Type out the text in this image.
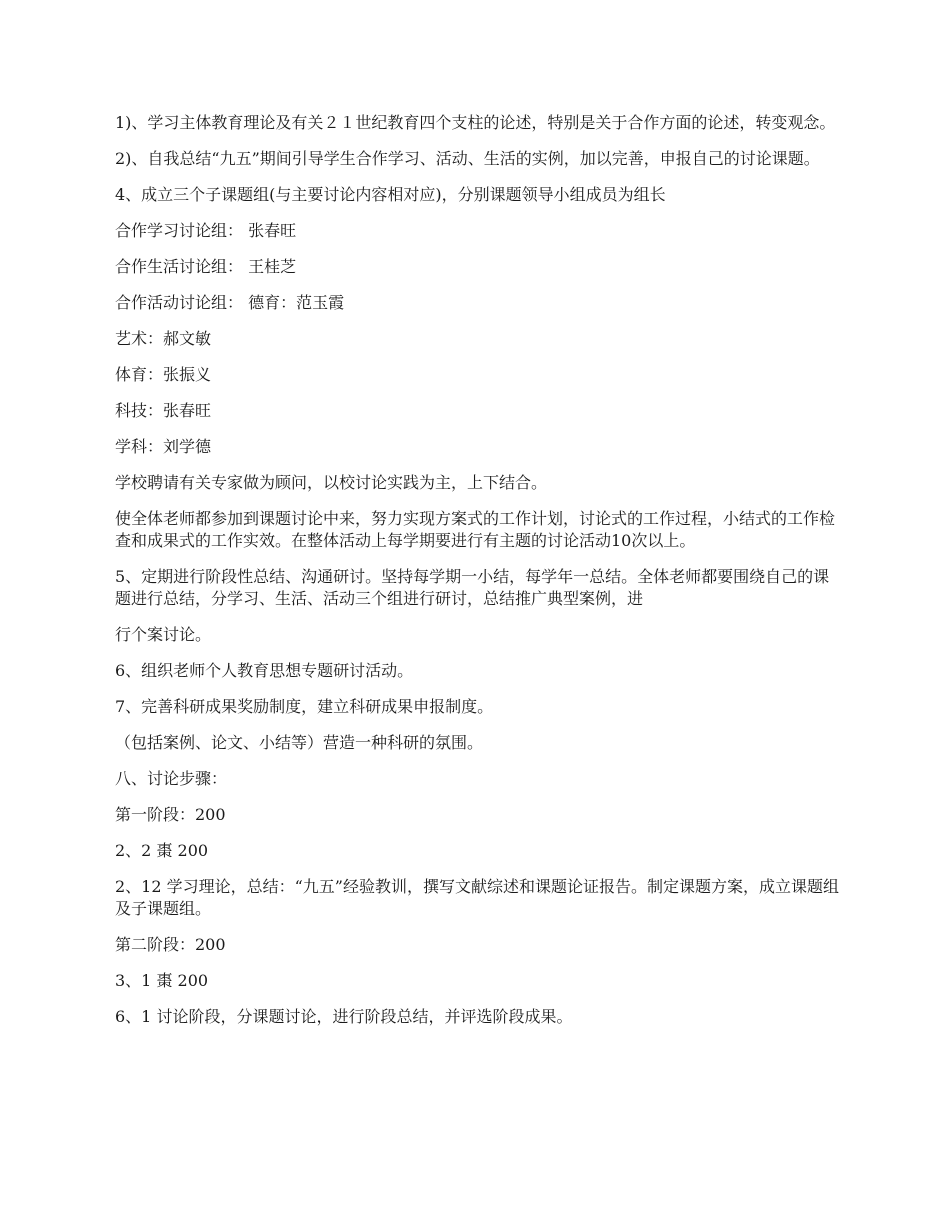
1)、学习主体教育理论及有关２１世纪教育四个支柱的论述，特别是关于合作方面的论述，转变观念。

2)、自我总结“九五”期间引导学生合作学习、活动、生活的实例，加以完善，申报自己的讨论课题。

4、成立三个子课题组(与主要讨论内容相对应)，分别课题领导小组成员为组长

合作学习讨论组： 张春旺

合作生活讨论组： 王桂芝

合作活动讨论组： 德育：范玉霞

艺术：郝文敏

体育：张振义

科技：张春旺

学科：刘学德

学校聘请有关专家做为顾问，以校讨论实践为主，上下结合。

使全体老师都参加到课题讨论中来，努力实现方案式的工作计划，讨论式的工作过程，小结式的工作检查和成果式的工作实效。在整体活动上每学期要进行有主题的讨论活动10次以上。

5、定期进行阶段性总结、沟通研讨。坚持每学期一小结，每学年一总结。全体老师都要围绕自己的课题进行总结，分学习、生活、活动三个组进行研讨，总结推广典型案例，进

行个案讨论。

6、组织老师个人教育思想专题研讨活动。

7、完善科研成果奖励制度，建立科研成果申报制度。

（包括案例、论文、小结等）营造一种科研的氛围。

八、讨论步骤：

第一阶段：200

2、2 棗 200

2、12 学习理论，总结：“九五”经验教训，撰写文献综述和课题论证报告。制定课题方案，成立课题组及子课题组。

第二阶段：200

3、1 棗 200

6、1 讨论阶段，分课题讨论，进行阶段总结，并评选阶段成果。
